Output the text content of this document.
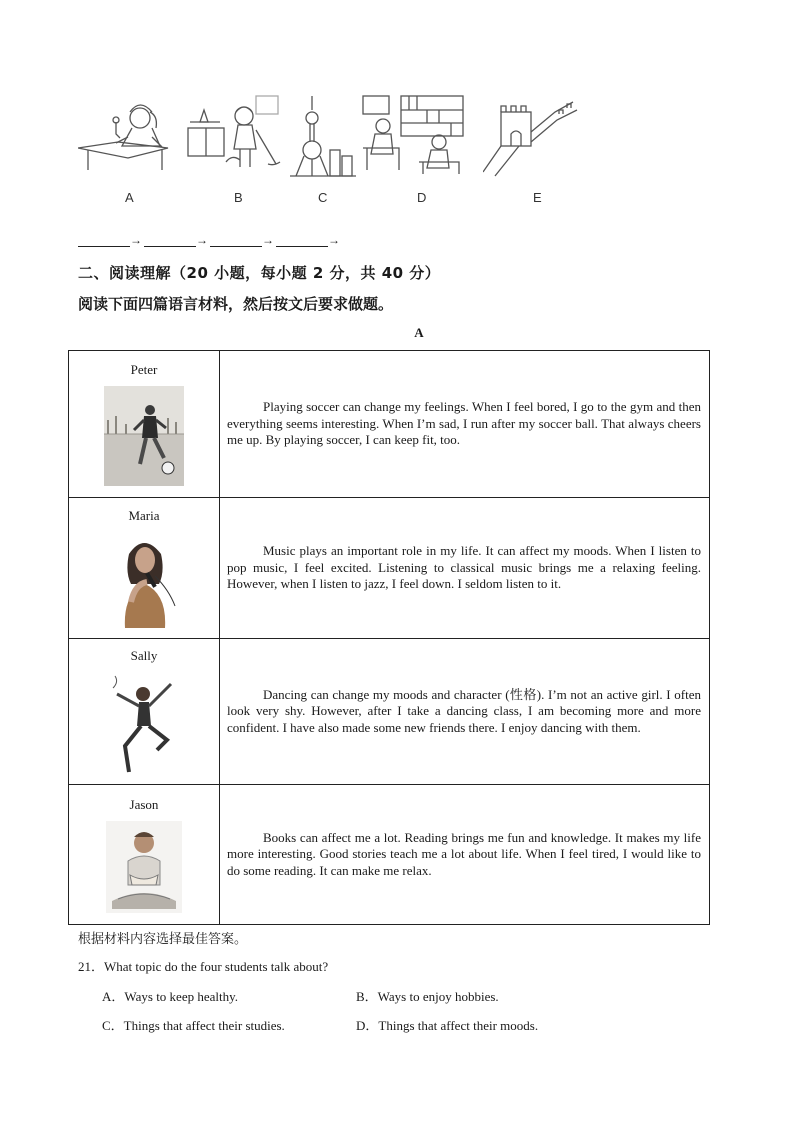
A	B	C	D	E
→	→	→	→
二、阅读理解（20 小题，每小题 2 分，共 40 分）
阅读下面四篇语言材料，然后按文后要求做题。
A
Peter	Playing soccer can change my feelings. When I feel bored, I go to the gym and then everything seems interesting. When I’m sad, I run after my soccer ball. That always cheers me up. By playing soccer, I can keep fit, too.

Maria	Music plays an important role in my life. It can affect my moods. When I listen to pop music, I feel excited. Listening to classical music brings me a relaxing feeling. However, when I listen to jazz, I feel down. I seldom listen to it.

Sally	Dancing can change my moods and character (性格). I’m not an active girl. I often look very shy. However, after I take a dancing class, I am becoming more and more confident. I have also made some new friends there. I enjoy dancing with them.

Jason	Books can affect me a lot. Reading brings me fun and knowledge. It makes my life more interesting. Good stories teach me a lot about life. When I feel tired, I would like to do some reading. It can make me relax.

根据材料内容选择最佳答案。
21．What topic do the four students talk about?
A．Ways to keep healthy.	B．Ways to enjoy hobbies.
C．Things that affect their studies.	D．Things that affect their moods.
